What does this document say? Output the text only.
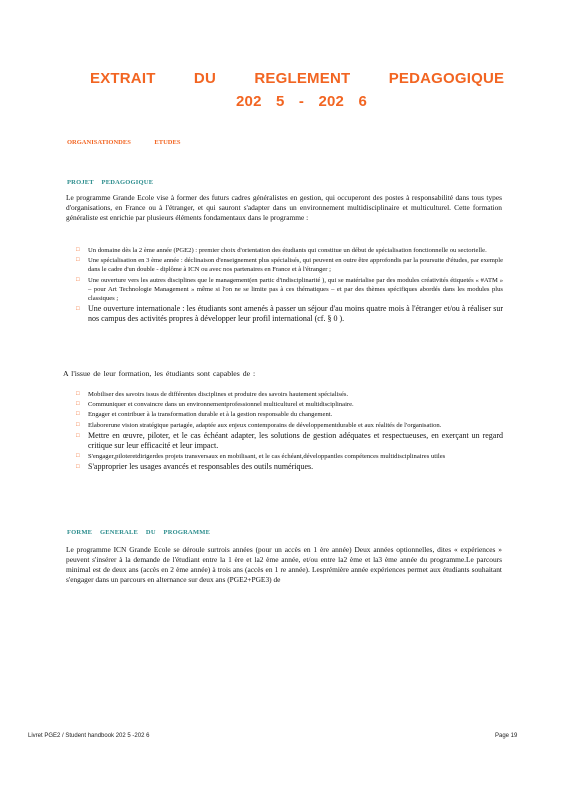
EXTRAIT DU REGLEMENT PEDAGOGIQUE
202 5 - 202 6
ORGANISATIONDES ETUDES
PROJET PEDAGOGIQUE
Le programme Grande Ecole vise à former des futurs cadres généralistes en gestion, qui occuperont des postes à responsabilité dans tous types d'organisations, en France ou à l'étranger, et qui sauront s'adapter dans un environnement multidisciplinaire et multiculturel. Cette formation généraliste est enrichie par plusieurs éléments fondamentaux dans le programme :
□ Un domaine dès la 2 ème année (PGE2) : premier choix d'orientation des étudiants qui constitue un début de spécialisation fonctionnelle ou sectorielle.
□ Une spécialisation en 3 ème année : déclinaison d'enseignement plus spécialisés, qui peuvent en outre être approfondis par la poursuite d'études, par exemple dans le cadre d'un double - diplôme à ICN ou avec nos partenaires en France et à l'étranger ;
□ Une ouverture vers les autres disciplines que le management(en partic d'indisciplinarité ), qui se matérialise par des modules créativités étiquetés « #ATM » – pour Art Technologie Management » même si l'on ne se limite pas à ces thématiques – et par des thèmes spécifiques abordés dans les modules plus classiques ;
□ Une ouverture internationale : les étudiants sont amenés à passer un séjour d'au moins quatre mois à l'étranger et/ou à réaliser sur nos campus des activités propres à développer leur profil international (cf. § 0 ).
A l'issue de leur formation, les étudiants sont capables de :
□ Mobiliser des savoirs issus de différentes disciplines et produire des savoirs hautement spécialisés.
□ Communiquer et convaincre dans un environnementprofessionnel multiculturel et multidisciplinaire.
□ Engager et contribuer à la transformation durable et à la gestion responsable du changement.
□ Elaborerune vision stratégique partagée, adaptée aux enjeux contemporains de développementdurable et aux réalités de l'organisation.
□ Mettre en œuvre, piloter, et le cas échéant adapter, les solutions de gestion adéquates et respectueuses, en exerçant un regard critique sur leur efficacité et leur impact.
□ S'engager,piloteretdirigerdes projets transversaux en mobilisant, et le cas échéant,développantles compétences multidisciplinaires utiles
□ S'approprier les usages avancés et responsables des outils numériques.
FORME GENERALE DU PROGRAMME
Le programme ICN Grande Ecole se déroule surtrois années (pour un accès en 1 ère année) Deux années optionnelles, dites « expériences » peuvent s'insérer à la demande de l'étudiant entre la 1 ère et la2 ème année, et/ou entre la2 ème et la3 ème année du programme.Le parcours minimal est de deux ans (accès en 2 ème année) à trois ans (accès en 1 re année). Lesprémière année expériences permet aux étudiants souhaitant s'engager dans un parcours en alternance sur deux ans (PGE2+PGE3) de
Livret PGE2 / Student handbook 202 5 -202 6	Page 19
